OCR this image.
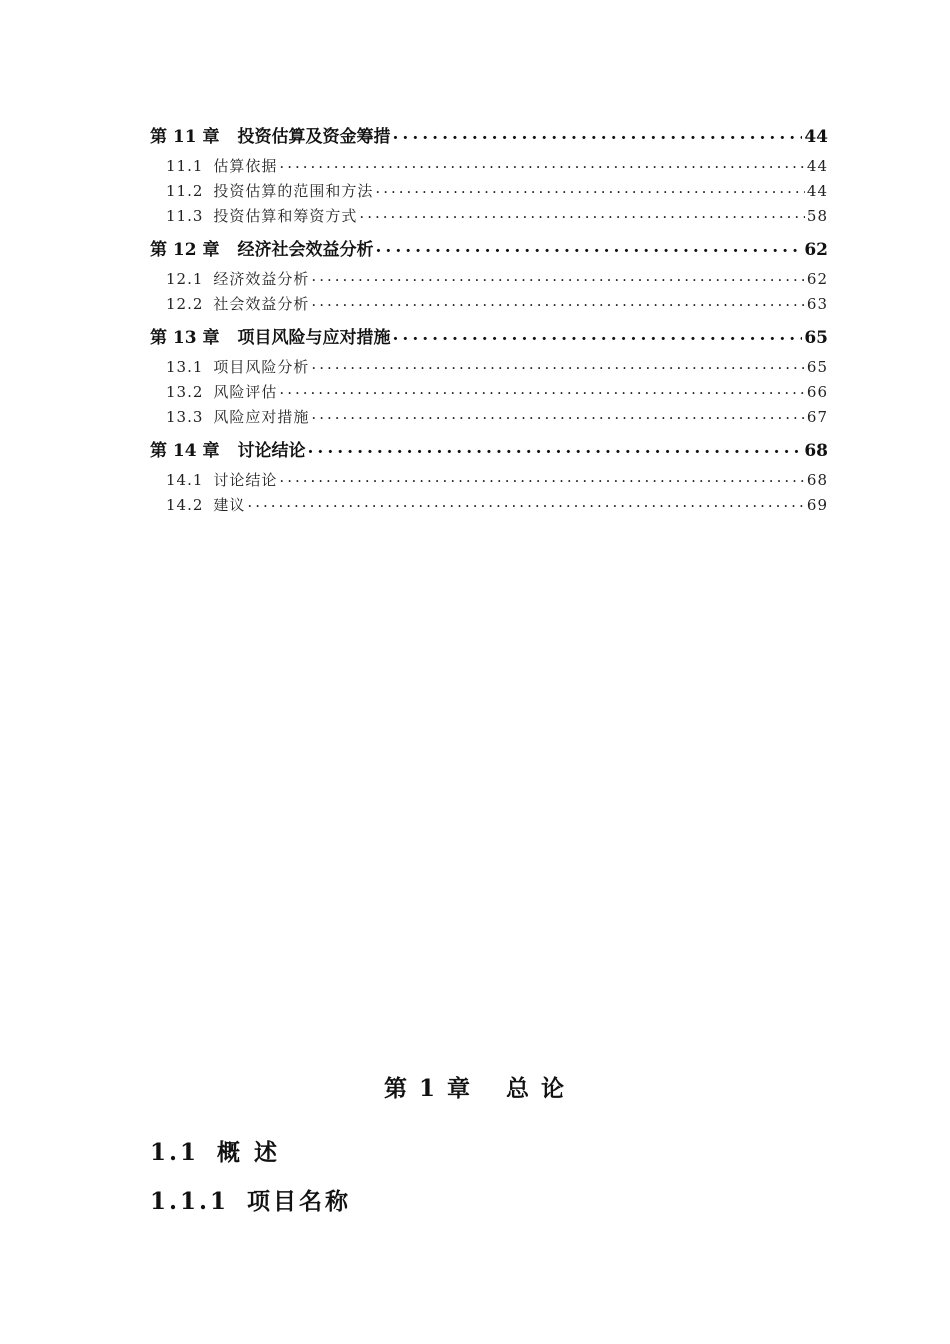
第 11 章 投资估算及资金筹措 .....	44
11.1 估算依据 .....	44
11.2 投资估算的范围和方法 .....	44
11.3 投资估算和筹资方式 .....	58
第 12 章 经济社会效益分析 .....	62
12.1 经济效益分析 .....	62
12.2 社会效益分析 .....	63
第 13 章 项目风险与应对措施 .....	65
13.1 项目风险分析 .....	65
13.2 风险评估 .....	66
13.3 风险应对措施 .....	67
第 14 章 讨论结论 .....	68
14.1 讨论结论 .....	68
14.2 建议 .....	69
第 1 章 总 论
1.1 概 述
1.1.1 项目名称
